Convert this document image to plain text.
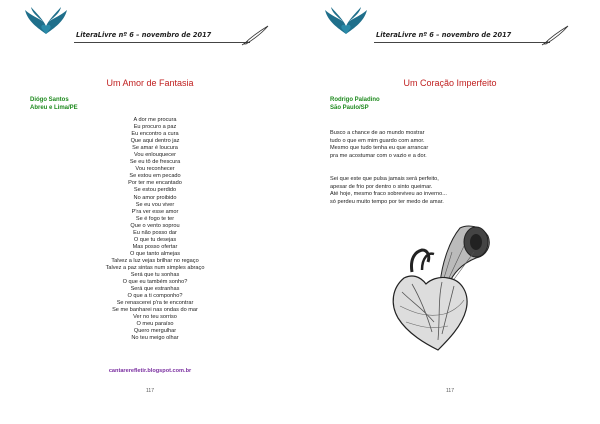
LiteraLivre nº 6 – novembro de 2017
Um Amor de Fantasia
Diógo Santos
Abreu e Lima/PE
A dor me procura
Eu procuro a paz
Eu encontro a cura
Que aqui dentro jaz
Se amar é loucura
Vou enlouquecer
Se eu tô de frescura
Vou reconhecer
Se estou em pecado
Por ter me encantado
Se estou perdido
No amor proibido
Se eu vou viver
P'ra ver esse amor
Se é fogo te ter
Que o vento soprou
Eu não posso dar
O que tu desejas
Mas posso ofertar
O que tanto almejas
Talvez a luz vejas brilhar no regaço
Talvez a paz sintas num simples abraço
Será que tu sonhas
O que eu também sonho?
Será que estranhas
O que a ti componho?
Se renascerei p'ra te encontrar
Se me banharei nas ondas do mar
Ver no teu sorriso
O meu paraíso
Quero mergulhar
No teu meigo olhar
cantarerefletir.blogspot.com.br
117
LiteraLivre nº 6 – novembro de 2017
Um Coração Imperfeito
Rodrigo Paladino
São Paulo/SP
Busco a chance de ao mundo mostrar
tudo o que em mim guardo com amor.
Mesmo que tudo tenha eu que arrancar
pra me acostumar com o vazio e a dor.
Sei que este que pulsa jamais será perfeito,
apesar de frio por dentro o sinto queimar.
Até hoje, mesmo fraco sobreviveu ao inverno...
só perdeu muito tempo por ter medo de amar.
117
